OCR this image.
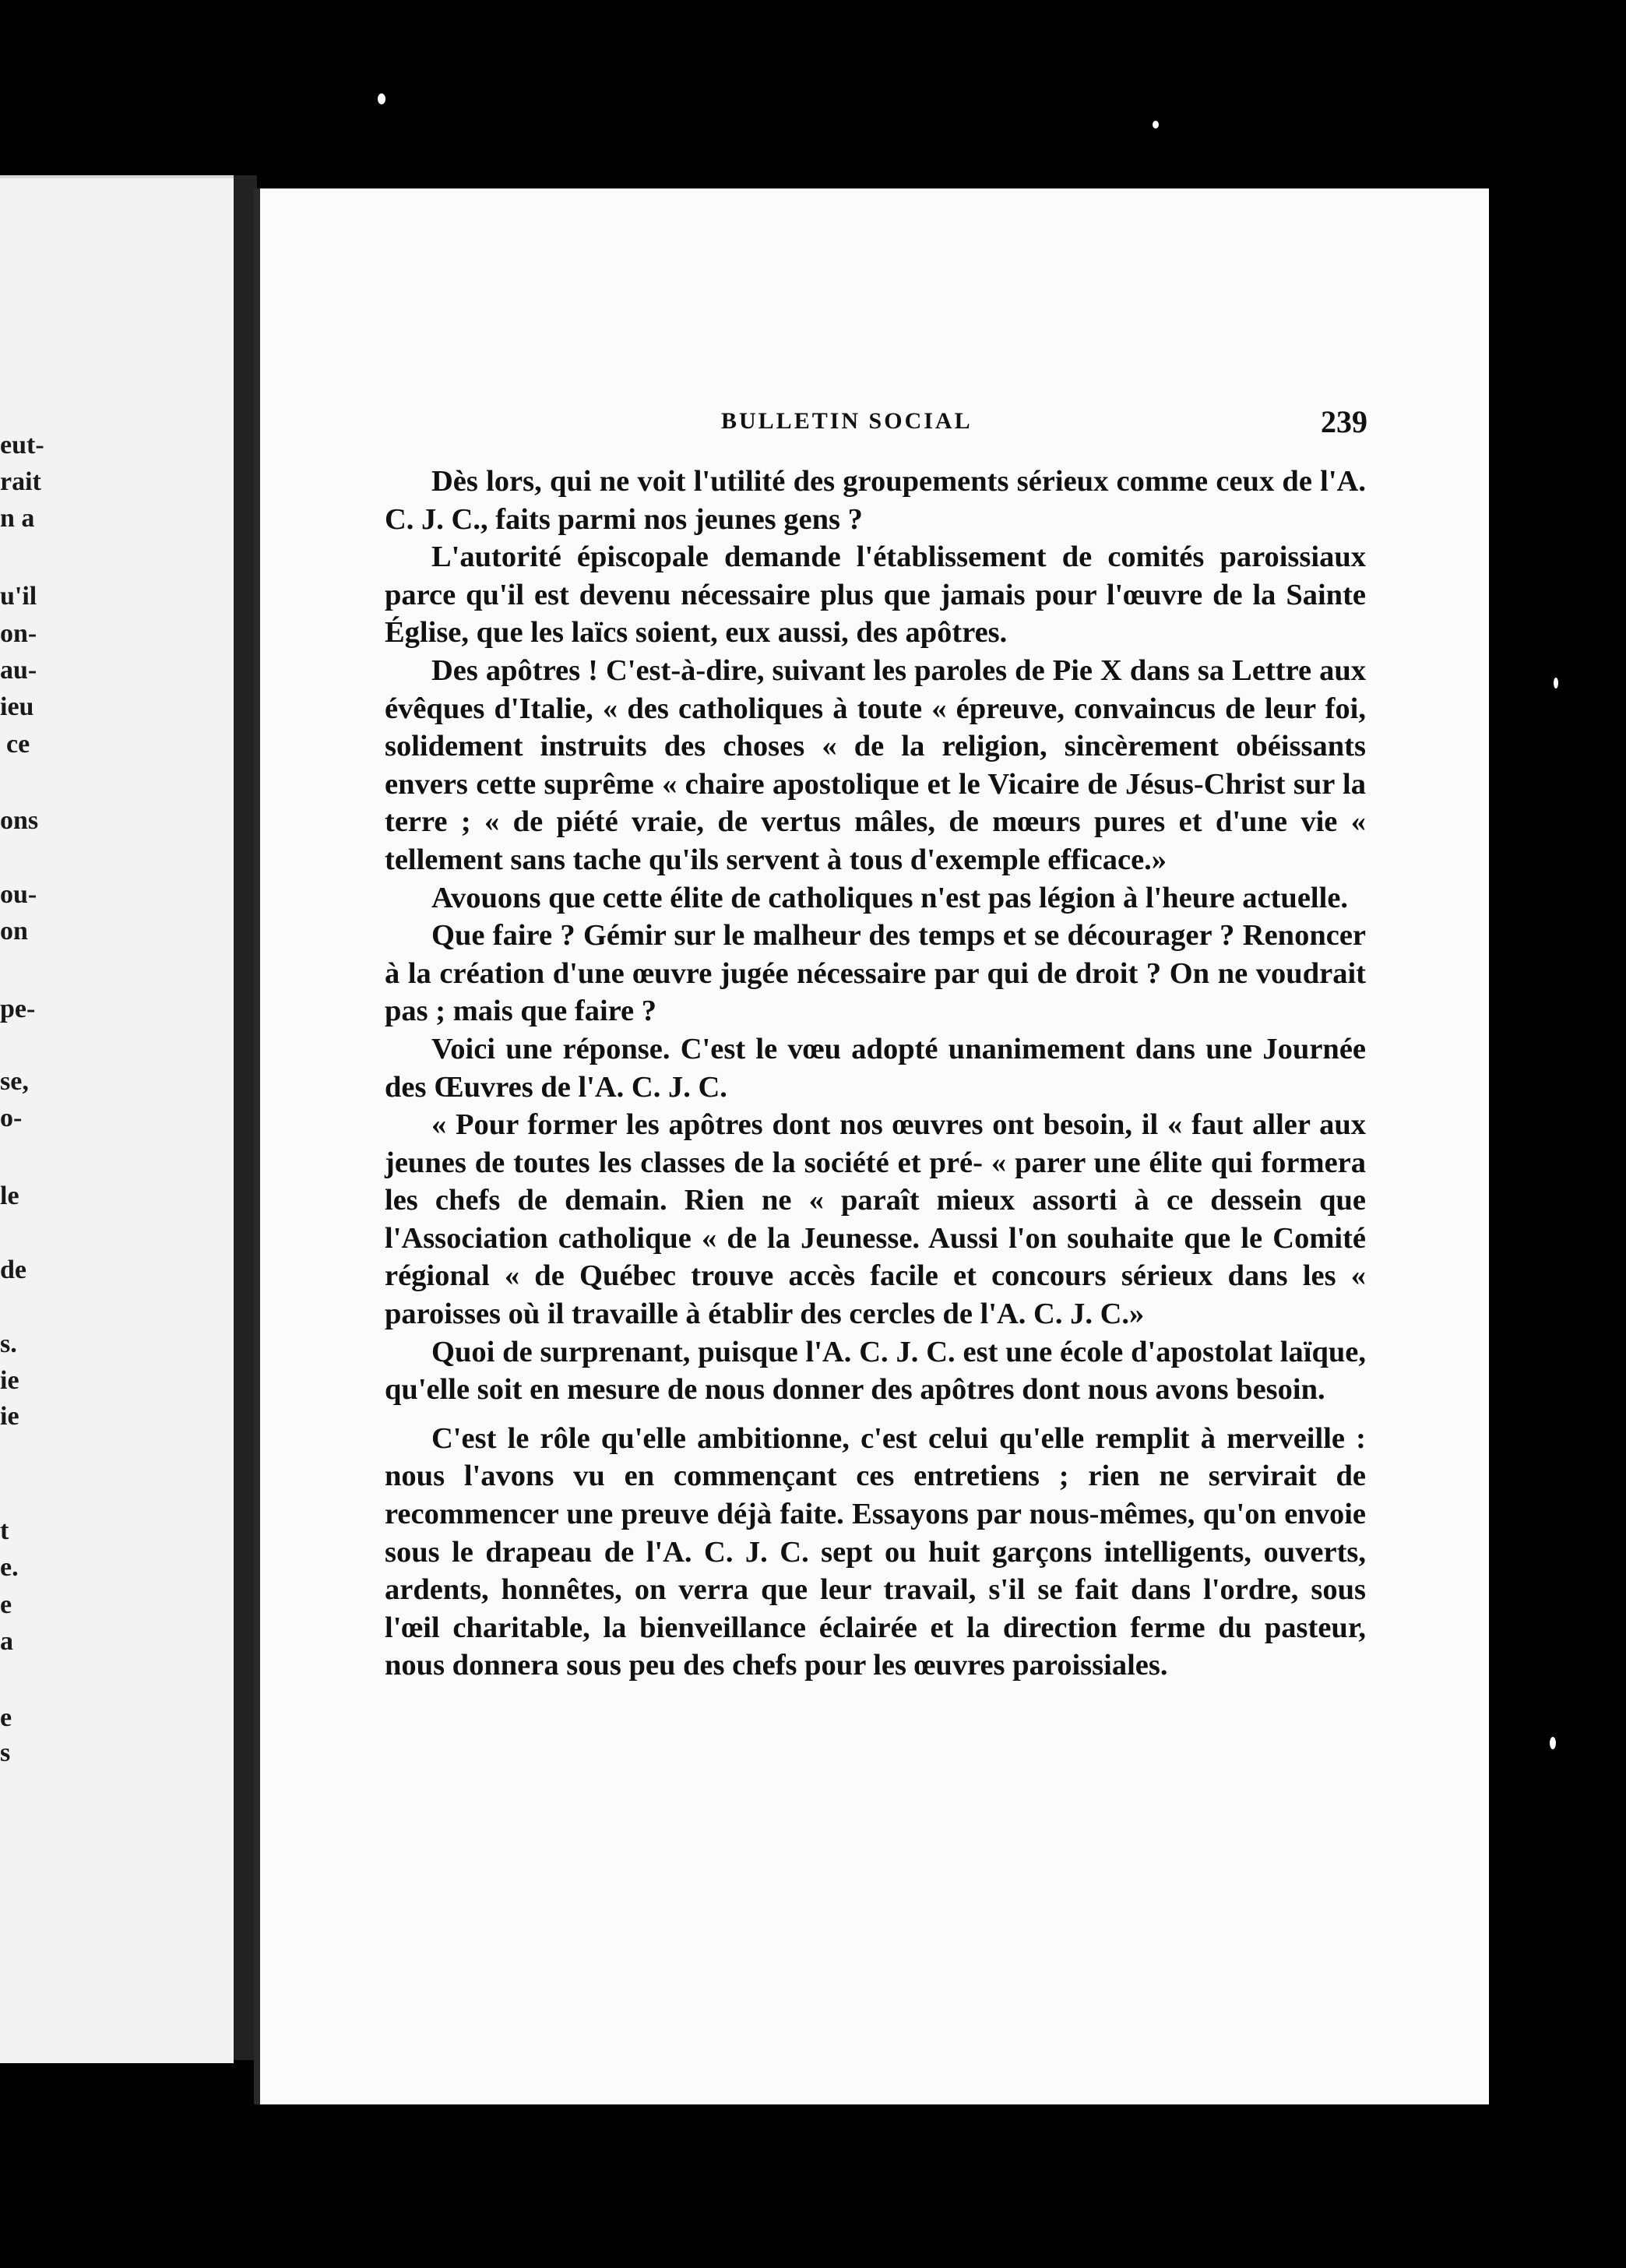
eut-
rait
n a
u'il
on-
au-
ieu
ce
ons
ou-
on
pe-
se,
o-
le
de
s.
ie
ie
t
e.
e
a
e
s
BULLETIN SOCIAL	239

Dès lors, qui ne voit l'utilité des groupements sérieux comme ceux de l'A. C. J. C., faits parmi nos jeunes gens ?

L'autorité épiscopale demande l'établissement de comités paroissiaux parce qu'il est devenu nécessaire plus que jamais pour l'œuvre de la Sainte Église, que les laïcs soient, eux aussi, des apôtres.

Des apôtres ! C'est-à-dire, suivant les paroles de Pie X dans sa Lettre aux évêques d'Italie, « des catholiques à toute « épreuve, convaincus de leur foi, solidement instruits des choses « de la religion, sincèrement obéissants envers cette suprême « chaire apostolique et le Vicaire de Jésus-Christ sur la terre ; « de piété vraie, de vertus mâles, de mœurs pures et d'une vie « tellement sans tache qu'ils servent à tous d'exemple efficace.»

Avouons que cette élite de catholiques n'est pas légion à l'heure actuelle.

Que faire ? Gémir sur le malheur des temps et se décourager ? Renoncer à la création d'une œuvre jugée nécessaire par qui de droit ? On ne voudrait pas ; mais que faire ?

Voici une réponse. C'est le vœu adopté unanimement dans une Journée des Œuvres de l'A. C. J. C.

« Pour former les apôtres dont nos œuvres ont besoin, il « faut aller aux jeunes de toutes les classes de la société et pré- « parer une élite qui formera les chefs de demain. Rien ne « paraît mieux assorti à ce dessein que l'Association catholique « de la Jeunesse. Aussi l'on souhaite que le Comité régional « de Québec trouve accès facile et concours sérieux dans les « paroisses où il travaille à établir des cercles de l'A. C. J. C.»

Quoi de surprenant, puisque l'A. C. J. C. est une école d'apostolat laïque, qu'elle soit en mesure de nous donner des apôtres dont nous avons besoin.

C'est le rôle qu'elle ambitionne, c'est celui qu'elle remplit à merveille : nous l'avons vu en commençant ces entretiens ; rien ne servirait de recommencer une preuve déjà faite. Essayons par nous-mêmes, qu'on envoie sous le drapeau de l'A. C. J. C. sept ou huit garçons intelligents, ouverts, ardents, honnêtes, on verra que leur travail, s'il se fait dans l'ordre, sous l'œil charitable, la bienveillance éclairée et la direction ferme du pasteur, nous donnera sous peu des chefs pour les œuvres paroissiales.
